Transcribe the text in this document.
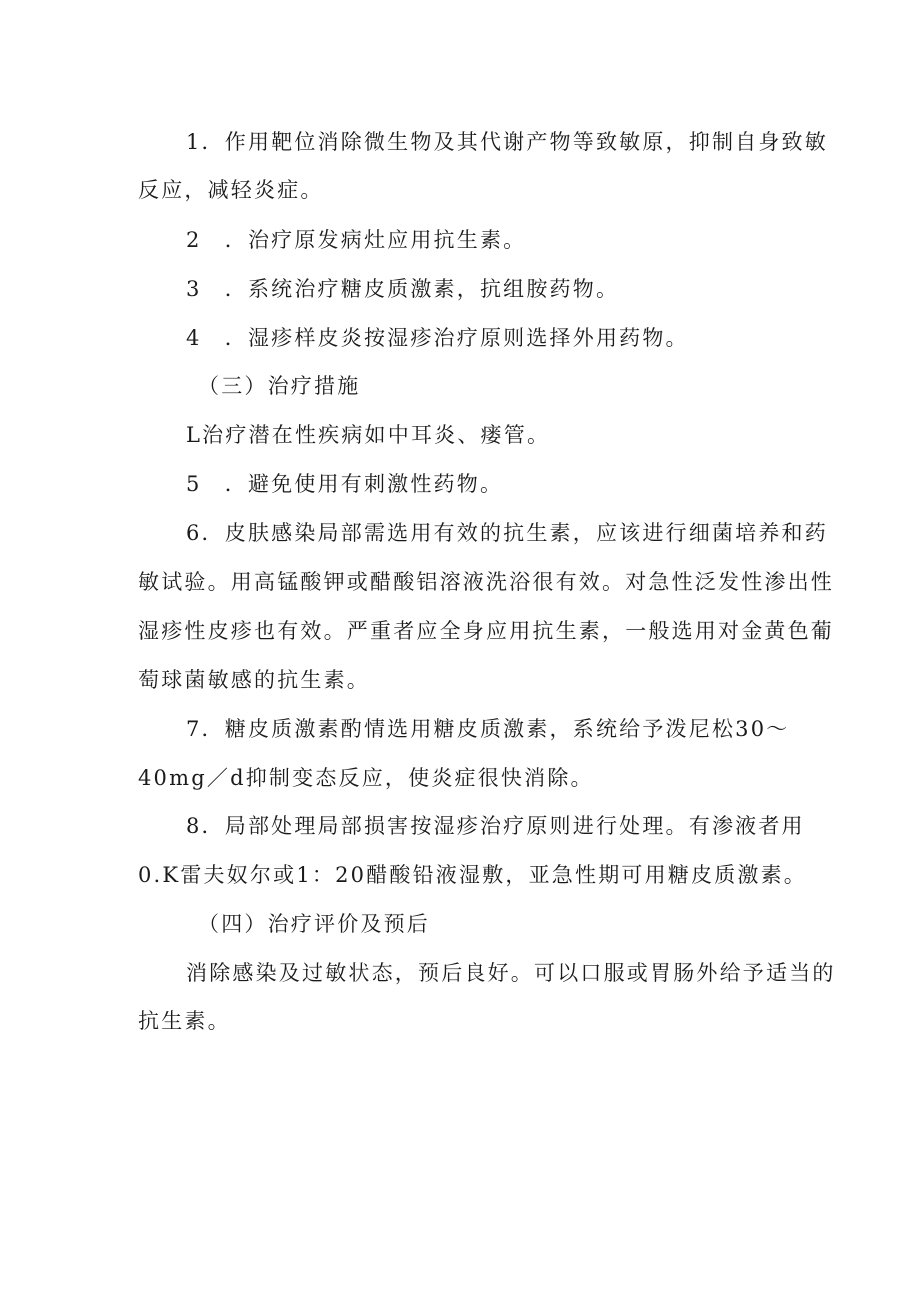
1．作用靶位消除微生物及其代谢产物等致敏原，抑制自身致敏
反应，减轻炎症。
2　．治疗原发病灶应用抗生素。
3　．系统治疗糖皮质激素，抗组胺药物。
4　．湿疹样皮炎按湿疹治疗原则选择外用药物。
（三）治疗措施
L治疗潜在性疾病如中耳炎、瘘管。
5　．避免使用有刺激性药物。
6．皮肤感染局部需选用有效的抗生素，应该进行细菌培养和药
敏试验。用高锰酸钾或醋酸铝溶液洗浴很有效。对急性泛发性渗出性
湿疹性皮疹也有效。严重者应全身应用抗生素，一般选用对金黄色葡
萄球菌敏感的抗生素。
7．糖皮质激素酌情选用糖皮质激素，系统给予泼尼松30～
40mg／d抑制变态反应，使炎症很快消除。
8．局部处理局部损害按湿疹治疗原则进行处理。有渗液者用
0.K雷夫奴尔或1：20醋酸铅液湿敷，亚急性期可用糖皮质激素。
（四）治疗评价及预后
消除感染及过敏状态，预后良好。可以口服或胃肠外给予适当的
抗生素。
